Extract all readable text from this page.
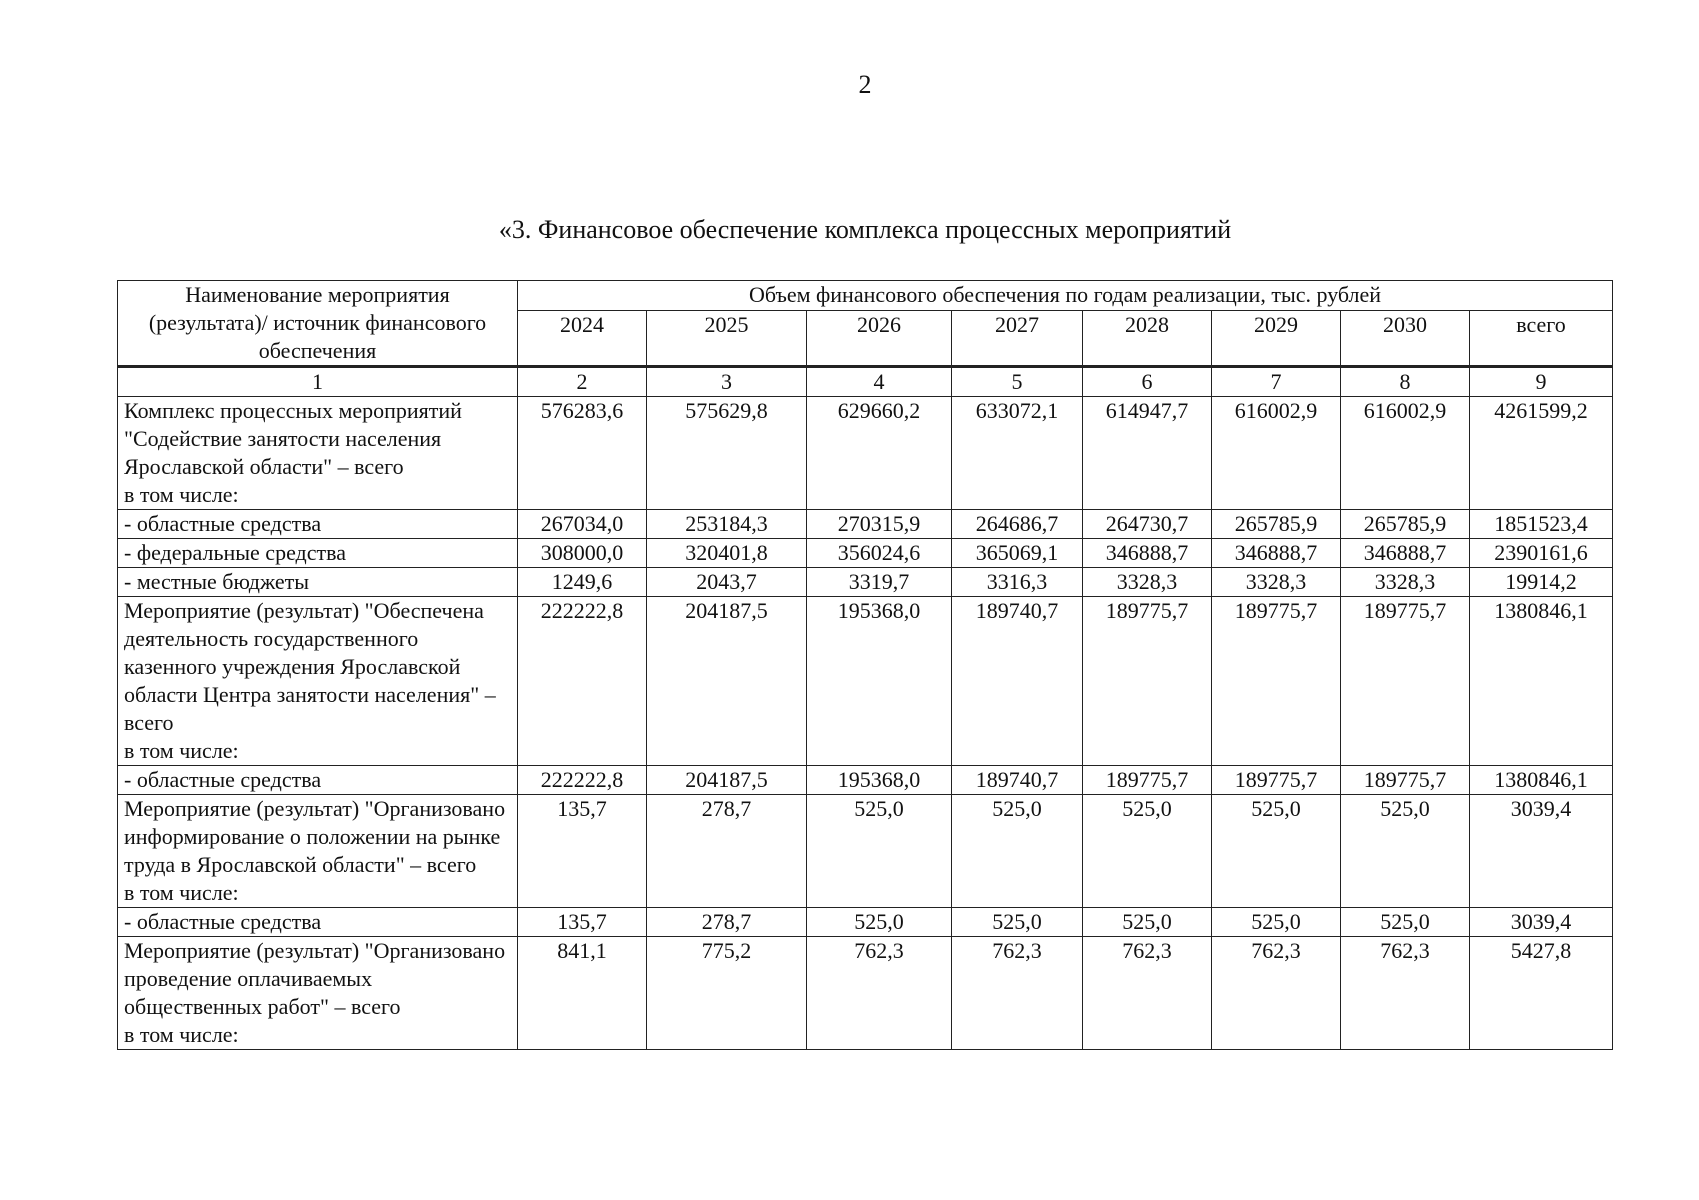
2
«3. Финансовое обеспечение комплекса процессных мероприятий
Наименование мероприятия (результата)/ источник финансового обеспечения	Объем финансового обеспечения по годам реализации, тыс. рублей							
	2024	2025	2026	2027	2028	2029	2030	всего
1	2	3	4	5	6	7	8	9
Комплекс процессных мероприятий "Содействие занятости населения Ярославской области" – всего
в том числе:	576283,6	575629,8	629660,2	633072,1	614947,7	616002,9	616002,9	4261599,2
- областные средства	267034,0	253184,3	270315,9	264686,7	264730,7	265785,9	265785,9	1851523,4
- федеральные средства	308000,0	320401,8	356024,6	365069,1	346888,7	346888,7	346888,7	2390161,6
- местные бюджеты	1249,6	2043,7	3319,7	3316,3	3328,3	3328,3	3328,3	19914,2
Мероприятие (результат) "Обеспечена деятельность государственного казенного учреждения Ярославской области Центра занятости населения" – всего
в том числе:	222222,8	204187,5	195368,0	189740,7	189775,7	189775,7	189775,7	1380846,1
- областные средства	222222,8	204187,5	195368,0	189740,7	189775,7	189775,7	189775,7	1380846,1
Мероприятие (результат) "Организовано информирование о положении на рынке труда в Ярославской области" – всего
в том числе:	135,7	278,7	525,0	525,0	525,0	525,0	525,0	3039,4
- областные средства	135,7	278,7	525,0	525,0	525,0	525,0	525,0	3039,4
Мероприятие (результат) "Организовано проведение оплачиваемых общественных работ" – всего
в том числе:	841,1	775,2	762,3	762,3	762,3	762,3	762,3	5427,8
